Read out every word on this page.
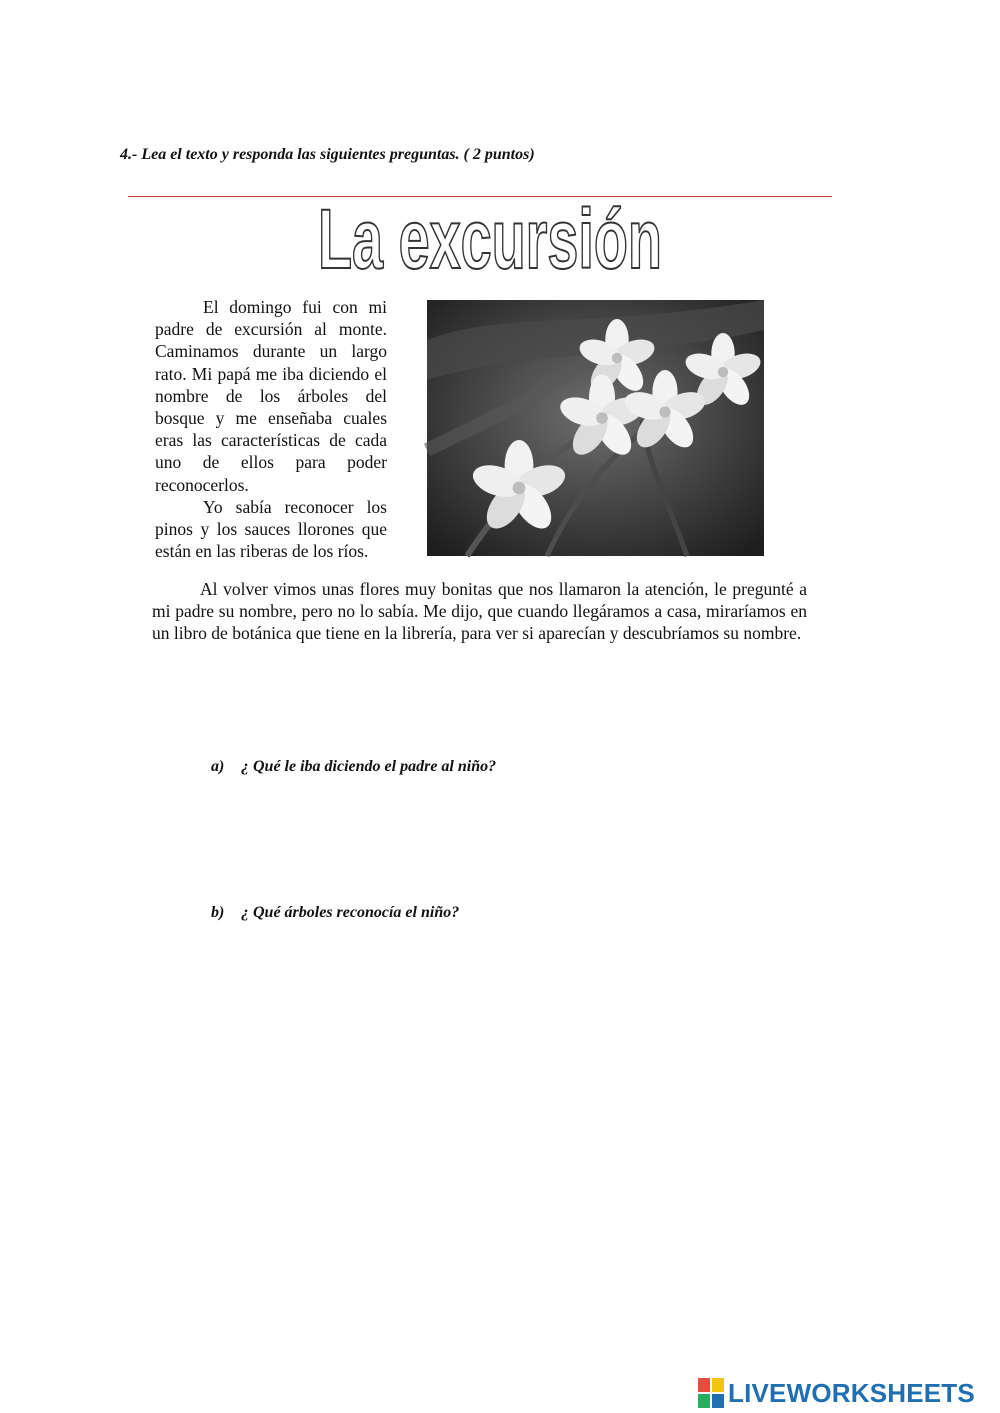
4.- Lea el texto y responda las siguientes preguntas. ( 2 puntos)

La excursión

El domingo fui con mi padre de excursión al monte. Caminamos durante un largo rato. Mi papá me iba diciendo el nombre de los árboles del bosque y me enseñaba cuales eras las características de cada uno de ellos para poder reconocerlos.

Yo sabía reconocer los pinos y los sauces llorones que están en las riberas de los ríos.

Al volver vimos unas flores muy bonitas que nos llamaron la atención, le pregunté a mi padre su nombre, pero no lo sabía. Me dijo, que cuando llegáramos a casa, miraríamos en un libro de botánica que tiene en la librería, para ver si aparecían y descubríamos su nombre.

a) ¿ Qué le iba diciendo el padre al niño?

b) ¿ Qué árboles reconocía el niño?

LIVEWORKSHEETS
